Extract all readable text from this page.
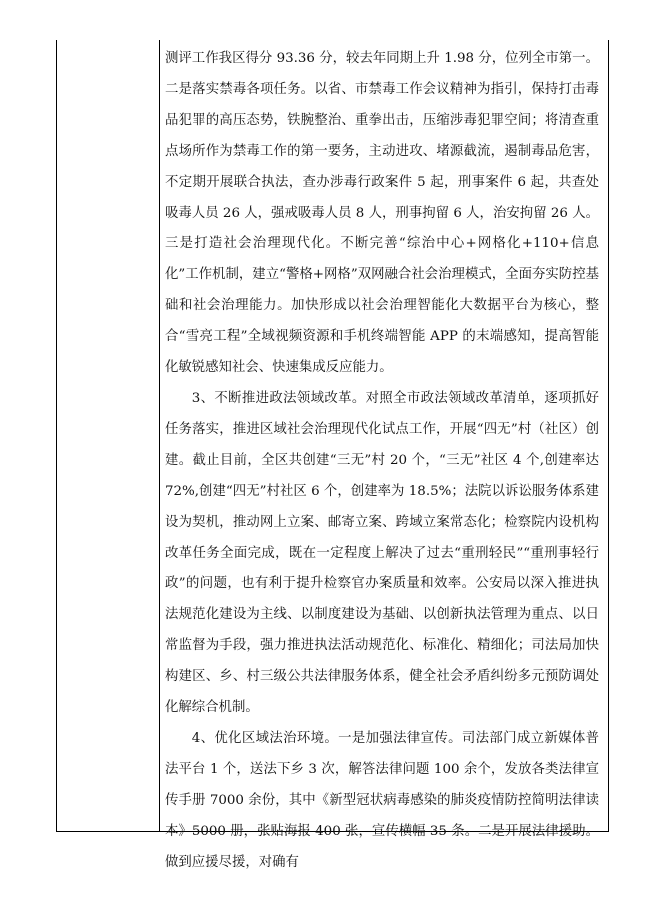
测评工作我区得分 93.36 分，较去年同期上升 1.98 分，位列全市第一。二是落实禁毒各项任务。以省、市禁毒工作会议精神为指引，保持打击毒品犯罪的高压态势，铁腕整治、重拳出击，压缩涉毒犯罪空间；将清查重点场所作为禁毒工作的第一要务，主动进攻、堵源截流，遏制毒品危害，不定期开展联合执法，查办涉毒行政案件 5 起，刑事案件 6 起，共查处吸毒人员 26 人，强戒吸毒人员 8 人，刑事拘留 6 人，治安拘留 26 人。三是打造社会治理现代化。不断完善“综治中心+网格化+110+信息化”工作机制，建立“警格+网格”双网融合社会治理模式，全面夯实防控基础和社会治理能力。加快形成以社会治理智能化大数据平台为核心，整合“雪亮工程”全域视频资源和手机终端智能 APP 的末端感知，提高智能化敏锐感知社会、快速集成反应能力。

3、不断推进政法领域改革。对照全市政法领域改革清单，逐项抓好任务落实，推进区域社会治理现代化试点工作，开展“四无”村（社区）创建。截止目前，全区共创建“三无”村 20 个，“三无”社区 4 个,创建率达 72%,创建“四无”村社区 6 个，创建率为 18.5%；法院以诉讼服务体系建设为契机，推动网上立案、邮寄立案、跨域立案常态化；检察院内设机构改革任务全面完成，既在一定程度上解决了过去“重刑轻民”“重刑事轻行政”的问题，也有利于提升检察官办案质量和效率。公安局以深入推进执法规范化建设为主线、以制度建设为基础、以创新执法管理为重点、以日常监督为手段，强力推进执法活动规范化、标准化、精细化；司法局加快构建区、乡、村三级公共法律服务体系，健全社会矛盾纠纷多元预防调处化解综合机制。

4、优化区域法治环境。一是加强法律宣传。司法部门成立新媒体普法平台 1 个，送法下乡 3 次，解答法律问题 100 余个，发放各类法律宣传手册 7000 余份，其中《新型冠状病毒感染的肺炎疫情防控简明法律读本》5000 册，张贴海报 400 张，宣传横幅 35 条。二是开展法律援助。做到应援尽援，对确有
